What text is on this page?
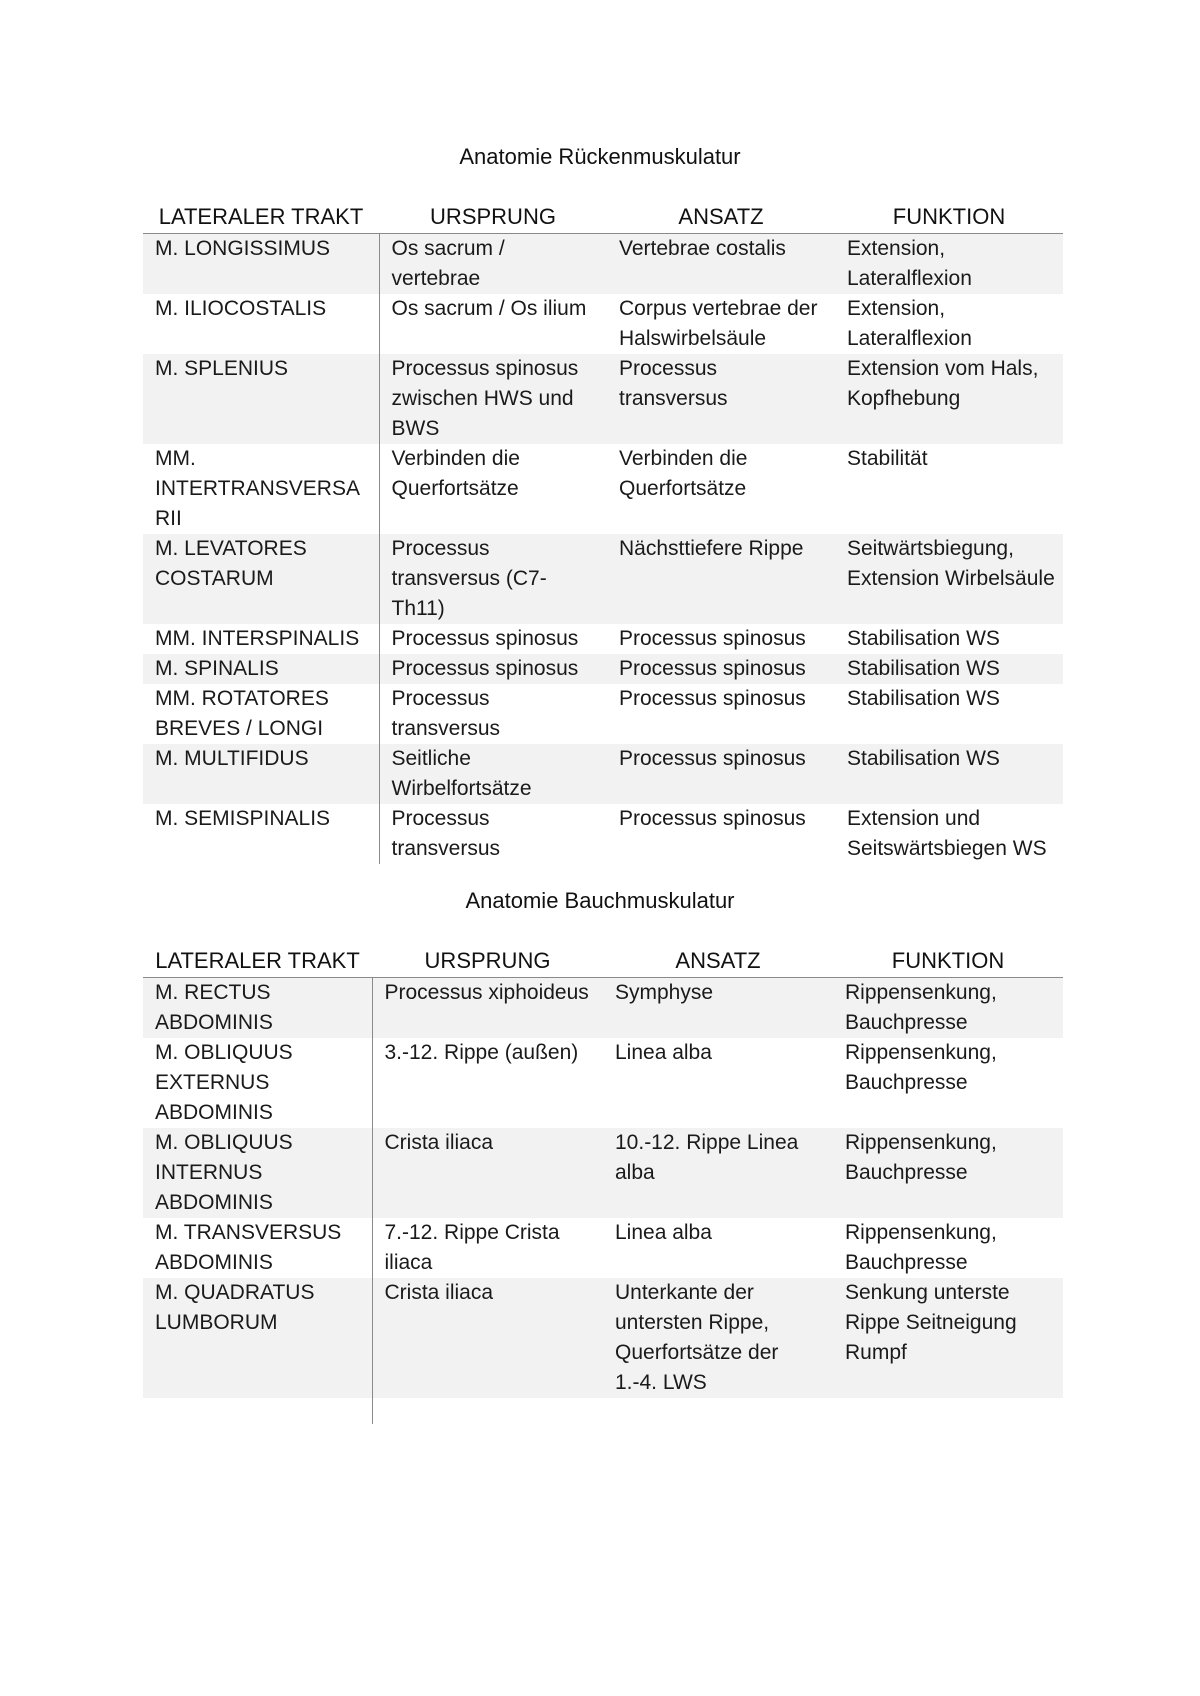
Anatomie Rückenmuskulatur
LATERALER TRAKT	URSPRUNG	ANSATZ	FUNKTION
M. LONGISSIMUS	Os sacrum / vertebrae	Vertebrae costalis	Extension, Lateralflexion
M. ILIOCOSTALIS	Os sacrum / Os ilium	Corpus vertebrae der Halswirbelsäule	Extension, Lateralflexion
M. SPLENIUS	Processus spinosus zwischen HWS und BWS	Processus transversus	Extension vom Hals, Kopfhebung
MM. INTERTRANSVERSARII	Verbinden die Querfortsätze	Verbinden die Querfortsätze	Stabilität
M. LEVATORES COSTARUM	Processus transversus (C7-Th11)	Nächsttiefere Rippe	Seitwärtsbiegung, Extension Wirbelsäule
MM. INTERSPINALIS	Processus spinosus	Processus spinosus	Stabilisation WS
M. SPINALIS	Processus spinosus	Processus spinosus	Stabilisation WS
MM. ROTATORES BREVES / LONGI	Processus transversus	Processus spinosus	Stabilisation WS
M. MULTIFIDUS	Seitliche Wirbelfortsätze	Processus spinosus	Stabilisation WS
M. SEMISPINALIS	Processus transversus	Processus spinosus	Extension und Seitswärtsbiegen WS
Anatomie Bauchmuskulatur
LATERALER TRAKT	URSPRUNG	ANSATZ	FUNKTION
M. RECTUS ABDOMINIS	Processus xiphoideus	Symphyse	Rippensenkung, Bauchpresse
M. OBLIQUUS EXTERNUS ABDOMINIS	3.-12. Rippe (außen)	Linea alba	Rippensenkung, Bauchpresse
M. OBLIQUUS INTERNUS ABDOMINIS	Crista iliaca	10.-12. Rippe Linea alba	Rippensenkung, Bauchpresse
M. TRANSVERSUS ABDOMINIS	7.-12. Rippe Crista iliaca	Linea alba	Rippensenkung, Bauchpresse
M. QUADRATUS LUMBORUM	Crista iliaca	Unterkante der untersten Rippe, Querfortsätze der 1.-4. LWS	Senkung unterste Rippe Seitneigung Rumpf
